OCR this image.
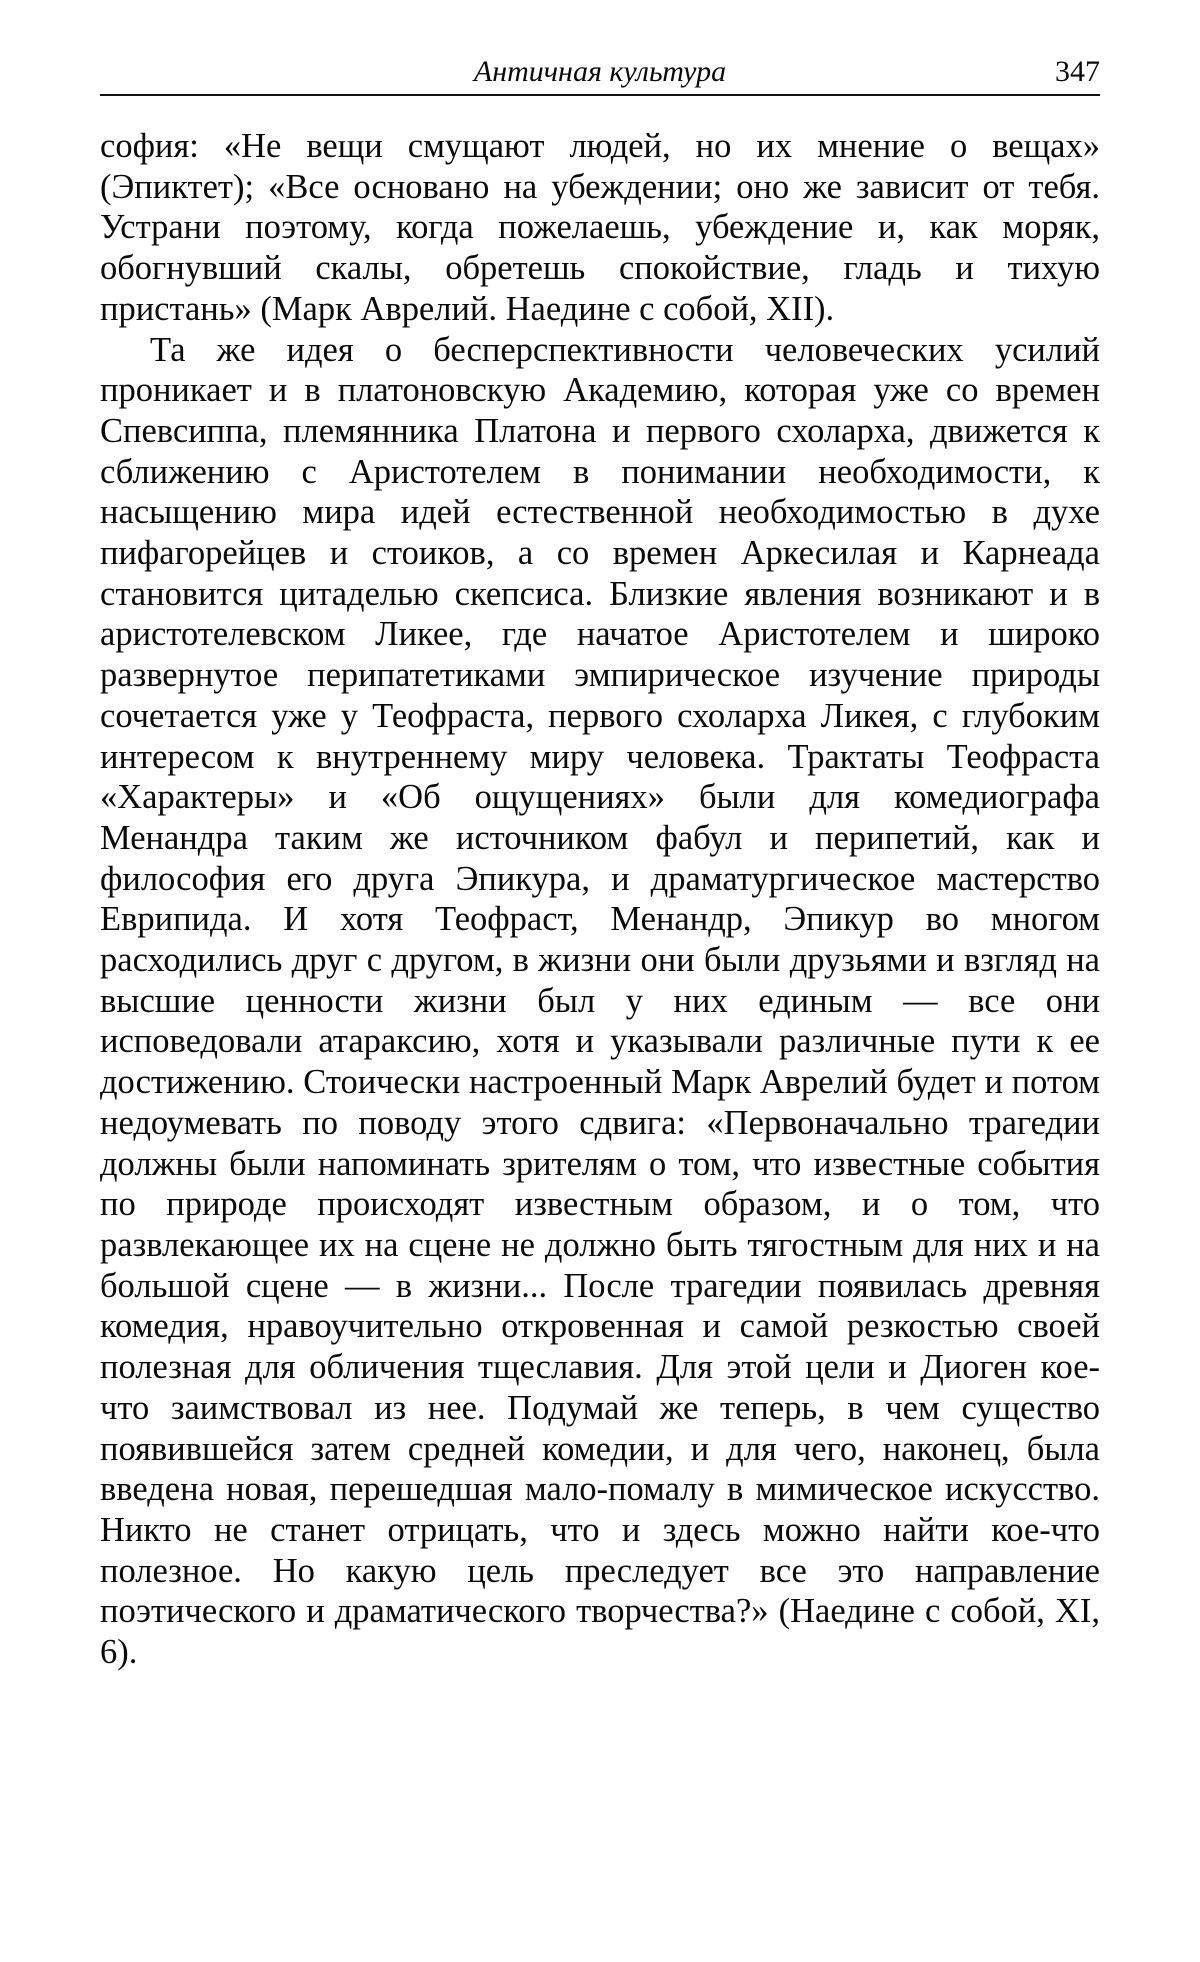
Античная культура	347

софия: «Не вещи смущают людей, но их мнение о вещах» (Эпиктет); «Все основано на убеждении; оно же зависит от тебя. Устрани поэтому, когда пожелаешь, убеждение и, как моряк, обогнувший скалы, обретешь спокойствие, гладь и тихую пристань» (Марк Аврелий. Наедине с собой, XII).

Та же идея о бесперспективности человеческих усилий проникает и в платоновскую Академию, которая уже со времен Спевсиппа, племянника Платона и первого схоларха, движется к сближению с Аристотелем в понимании необходимости, к насыщению мира идей естественной необходимостью в духе пифагорейцев и стоиков, а со времен Аркесилая и Карнеада становится цитаделью скепсиса. Близкие явления возникают и в аристотелевском Ликее, где начатое Аристотелем и широко развернутое перипатетиками эмпирическое изучение природы сочетается уже у Теофраста, первого схоларха Ликея, с глубоким интересом к внутреннему миру человека. Трактаты Теофраста «Характеры» и «Об ощущениях» были для комедиографа Менандра таким же источником фабул и перипетий, как и философия его друга Эпикура, и драматургическое мастерство Еврипида. И хотя Теофраст, Менандр, Эпикур во многом расходились друг с другом, в жизни они были друзьями и взгляд на высшие ценности жизни был у них единым — все они исповедовали атараксию, хотя и указывали различные пути к ее достижению. Стоически настроенный Марк Аврелий будет и потом недоумевать по поводу этого сдвига: «Первоначально трагедии должны были напоминать зрителям о том, что известные события по природе происходят известным образом, и о том, что развлекающее их на сцене не должно быть тягостным для них и на большой сцене — в жизни... После трагедии появилась древняя комедия, нравоучительно откровенная и самой резкостью своей полезная для обличения тщеславия. Для этой цели и Диоген кое-что заимствовал из нее. Подумай же теперь, в чем существо появившейся затем средней комедии, и для чего, наконец, была введена новая, перешедшая мало-помалу в мимическое искусство. Никто не станет отрицать, что и здесь можно найти кое-что полезное. Но какую цель преследует все это направление поэтического и драматического творчества?» (Наедине с собой, XI, 6).
